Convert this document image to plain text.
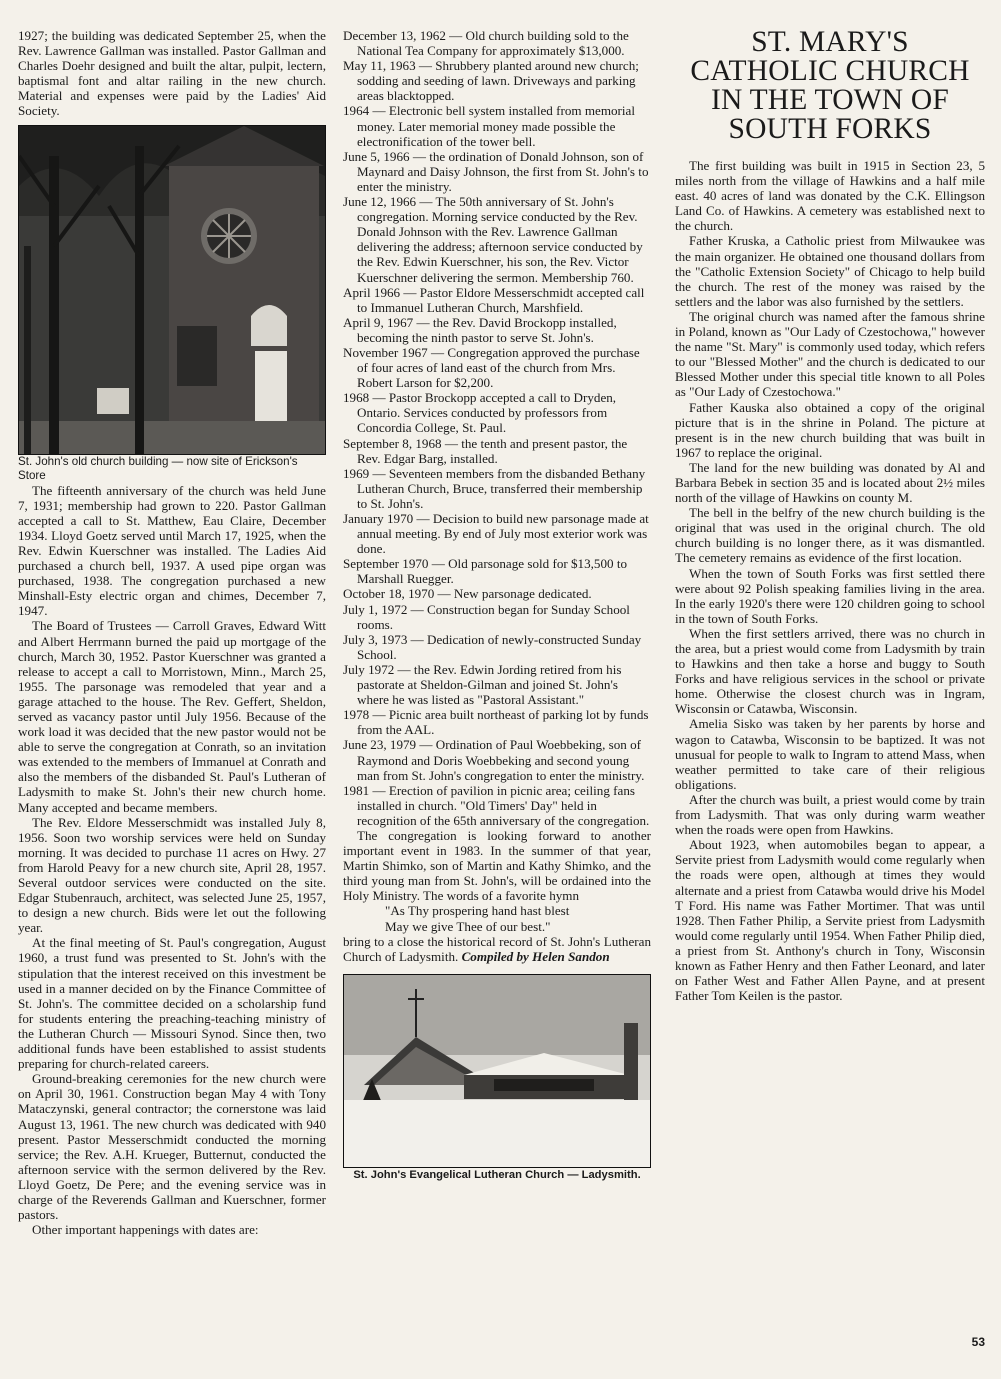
1927; the building was dedicated September 25, when the Rev. Lawrence Gallman was installed. Pastor Gallman and Charles Doehr designed and built the altar, pulpit, lectern, baptismal font and altar railing in the new church. Material and expenses were paid by the Ladies' Aid Society.

St. John's old church building — now site of Erickson's Store

The fifteenth anniversary of the church was held June 7, 1931; membership had grown to 220. Pastor Gallman accepted a call to St. Matthew, Eau Claire, December 1934. Lloyd Goetz served until March 17, 1925, when the Rev. Edwin Kuerschner was installed. The Ladies Aid purchased a church bell, 1937. A used pipe organ was purchased, 1938. The congregation purchased a new Minshall-Esty electric organ and chimes, December 7, 1947.

The Board of Trustees — Carroll Graves, Edward Witt and Albert Herrmann burned the paid up mortgage of the church, March 30, 1952. Pastor Kuerschner was granted a release to accept a call to Morristown, Minn., March 25, 1955. The parsonage was remodeled that year and a garage attached to the house. The Rev. Geffert, Sheldon, served as vacancy pastor until July 1956. Because of the work load it was decided that the new pastor would not be able to serve the congregation at Conrath, so an invitation was extended to the members of Immanuel at Conrath and also the members of the disbanded St. Paul's Lutheran of Ladysmith to make St. John's their new church home. Many accepted and became members.

The Rev. Eldore Messerschmidt was installed July 8, 1956. Soon two worship services were held on Sunday morning. It was decided to purchase 11 acres on Hwy. 27 from Harold Peavy for a new church site, April 28, 1957. Several outdoor services were conducted on the site. Edgar Stubenrauch, architect, was selected June 25, 1957, to design a new church. Bids were let out the following year.

At the final meeting of St. Paul's congregation, August 1960, a trust fund was presented to St. John's with the stipulation that the interest received on this investment be used in a manner decided on by the Finance Committee of St. John's. The committee decided on a scholarship fund for students entering the preaching-teaching ministry of the Lutheran Church — Missouri Synod. Since then, two additional funds have been established to assist students preparing for church-related careers.

Ground-breaking ceremonies for the new church were on April 30, 1961. Construction began May 4 with Tony Mataczynski, general contractor; the cornerstone was laid August 13, 1961. The new church was dedicated with 940 present. Pastor Messerschmidt conducted the morning service; the Rev. A.H. Krueger, Butternut, conducted the afternoon service with the sermon delivered by the Rev. Lloyd Goetz, De Pere; and the evening service was in charge of the Reverends Gallman and Kuerschner, former pastors.

Other important happenings with dates are:

December 13, 1962 — Old church building sold to the National Tea Company for approximately $13,000.

May 11, 1963 — Shrubbery planted around new church; sodding and seeding of lawn. Driveways and parking areas blacktopped.

1964 — Electronic bell system installed from memorial money. Later memorial money made possible the electronification of the tower bell.

June 5, 1966 — the ordination of Donald Johnson, son of Maynard and Daisy Johnson, the first from St. John's to enter the ministry.

June 12, 1966 — The 50th anniversary of St. John's congregation. Morning service conducted by the Rev. Donald Johnson with the Rev. Lawrence Gallman delivering the address; afternoon service conducted by the Rev. Edwin Kuerschner, his son, the Rev. Victor Kuerschner delivering the sermon. Membership 760.

April 1966 — Pastor Eldore Messerschmidt accepted call to Immanuel Lutheran Church, Marshfield.

April 9, 1967 — the Rev. David Brockopp installed, becoming the ninth pastor to serve St. John's.

November 1967 — Congregation approved the purchase of four acres of land east of the church from Mrs. Robert Larson for $2,200.

1968 — Pastor Brockopp accepted a call to Dryden, Ontario. Services conducted by professors from Concordia College, St. Paul.

September 8, 1968 — the tenth and present pastor, the Rev. Edgar Barg, installed.

1969 — Seventeen members from the disbanded Bethany Lutheran Church, Bruce, transferred their membership to St. John's.

January 1970 — Decision to build new parsonage made at annual meeting. By end of July most exterior work was done.

September 1970 — Old parsonage sold for $13,500 to Marshall Ruegger.

October 18, 1970 — New parsonage dedicated.

July 1, 1972 — Construction began for Sunday School rooms.

July 3, 1973 — Dedication of newly-constructed Sunday School.

July 1972 — the Rev. Edwin Jording retired from his pastorate at Sheldon-Gilman and joined St. John's where he was listed as "Pastoral Assistant."

1978 — Picnic area built northeast of parking lot by funds from the AAL.

June 23, 1979 — Ordination of Paul Woebbeking, son of Raymond and Doris Woebbeking and second young man from St. John's congregation to enter the ministry.

1981 — Erection of pavilion in picnic area; ceiling fans installed in church. "Old Timers' Day" held in recognition of the 65th anniversary of the congregation.

The congregation is looking forward to another important event in 1983. In the summer of that year, Martin Shimko, son of Martin and Kathy Shimko, and the third young man from St. John's, will be ordained into the Holy Ministry. The words of a favorite hymn

"As Thy prospering hand hast blest

May we give Thee of our best."

bring to a close the historical record of St. John's Lutheran Church of Ladysmith. Compiled by Helen Sandon

St. John's Evangelical Lutheran Church — Ladysmith.

ST. MARY'S CATHOLIC CHURCH IN THE TOWN OF SOUTH FORKS

The first building was built in 1915 in Section 23, 5 miles north from the village of Hawkins and a half mile east. 40 acres of land was donated by the C.K. Ellingson Land Co. of Hawkins. A cemetery was established next to the church.

Father Kruska, a Catholic priest from Milwaukee was the main organizer. He obtained one thousand dollars from the "Catholic Extension Society" of Chicago to help build the church. The rest of the money was raised by the settlers and the labor was also furnished by the settlers.

The original church was named after the famous shrine in Poland, known as "Our Lady of Czestochowa," however the name "St. Mary" is commonly used today, which refers to our "Blessed Mother" and the church is dedicated to our Blessed Mother under this special title known to all Poles as "Our Lady of Czestochowa."

Father Kauska also obtained a copy of the original picture that is in the shrine in Poland. The picture at present is in the new church building that was built in 1967 to replace the original.

The land for the new building was donated by Al and Barbara Bebek in section 35 and is located about 2½ miles north of the village of Hawkins on county M.

The bell in the belfry of the new church building is the original that was used in the original church. The old church building is no longer there, as it was dismantled. The cemetery remains as evidence of the first location.

When the town of South Forks was first settled there were about 92 Polish speaking families living in the area. In the early 1920's there were 120 children going to school in the town of South Forks.

When the first settlers arrived, there was no church in the area, but a priest would come from Ladysmith by train to Hawkins and then take a horse and buggy to South Forks and have religious services in the school or private home. Otherwise the closest church was in Ingram, Wisconsin or Catawba, Wisconsin.

Amelia Sisko was taken by her parents by horse and wagon to Catawba, Wisconsin to be baptized. It was not unusual for people to walk to Ingram to attend Mass, when weather permitted to take care of their religious obligations.

After the church was built, a priest would come by train from Ladysmith. That was only during warm weather when the roads were open from Hawkins.

About 1923, when automobiles began to appear, a Servite priest from Ladysmith would come regularly when the roads were open, although at times they would alternate and a priest from Catawba would drive his Model T Ford. His name was Father Mortimer. That was until 1928. Then Father Philip, a Servite priest from Ladysmith would come regularly until 1954. When Father Philip died, a priest from St. Anthony's church in Tony, Wisconsin known as Father Henry and then Father Leonard, and later on Father West and Father Allen Payne, and at present Father Tom Keilen is the pastor.

53
